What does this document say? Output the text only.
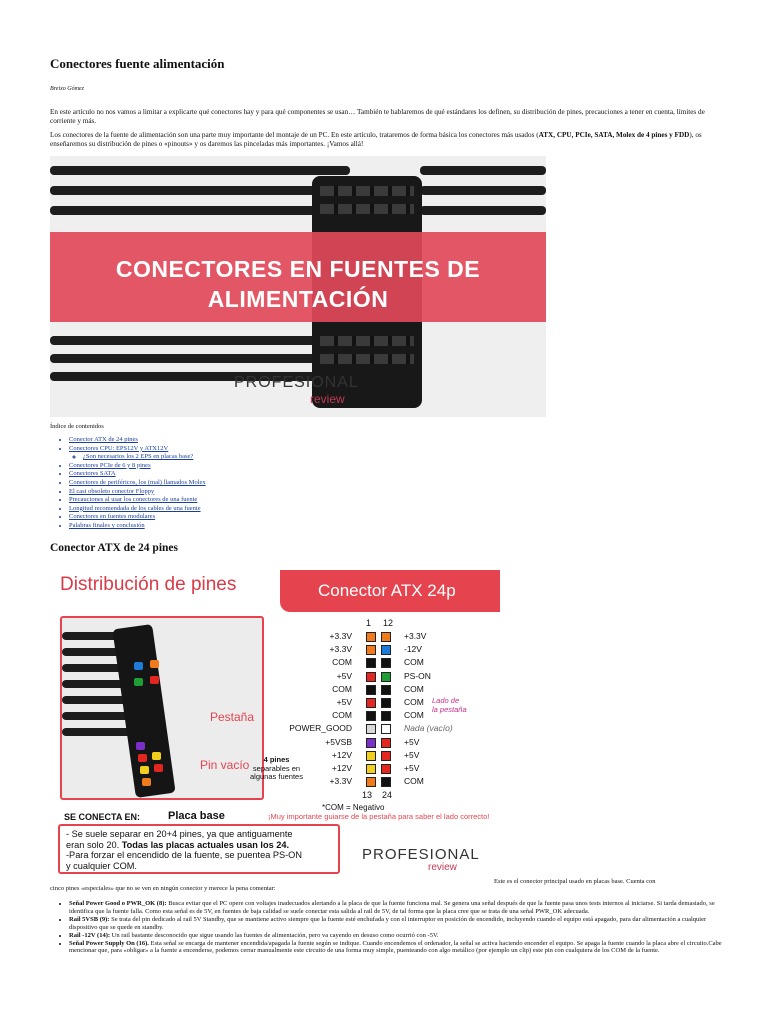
Conectores fuente alimentación
Breixo Gómez

En este artículo no nos vamos a limitar a explicarte qué conectores hay y para qué componentes se usan… También te hablaremos de qué estándares los definen, su distribución de pines, precauciones a tener en cuenta, límites de corriente y más.

Los conectores de la fuente de alimentación son una parte muy importante del montaje de un PC. En este artículo, trataremos de forma básica los conectores más usados (ATX, CPU, PCIe, SATA, Molex de 4 pines y FDD), os enseñaremos su distribución de pines o «pinouts» y os daremos las pinceladas más importantes. ¡Vamos allá!

CONECTORES EN FUENTES DE
ALIMENTACIÓN
PROFESIONAL
review
Índice de contenidos
• Conector ATX de 24 pines
• Conectores CPU: EPS12V y ATX12V
◦ ¿Son necesarios los 2 EPS en placas base?
• Conectores PCIe de 6 y 8 pines
• Conectores SATA
• Conectores de periféricos, los (mal) llamados Molex
• El casi obsoleto conector Floppy
• Precauciones al usar los conectores de una fuente
• Longitud recomendada de los cables de una fuente
• Conectores en fuentes modulares
• Palabras finales y conclusión
Conector ATX de 24 pines
Distribución de pines	Conector ATX 24p
Pestaña
Pin vacío
1 12
13 24
+3.3V	+3.3V
+3.3V	-12V
COM	COM
+5V	PS-ON
COM	COM
+5V	COM
COM	COM
POWER_GOOD	Nada (vacío)
+5VSB	+5V
+12V	+5V
+12V	+5V
+3.3V	COM
Lado de
la pestaña
4 pines
separables en
algunas fuentes
*COM = Negativo
SE CONECTA EN:	Placa base	¡Muy importante guiarse de la pestaña para saber el lado correcto!
- Se suele separar en 20+4 pines, ya que antiguamente
eran solo 20. Todas las placas actuales usan los 24.
-Para forzar el encendido de la fuente, se puentea PS-ON
y cualquier COM.
PROFESIONAL
review
Este es el conector principal usado en placas base. Cuenta con
cinco pines «especiales» que no se ven en ningún conector y merece la pena comentar:
• Señal Power Good o PWR_OK (8): Busca evitar que el PC opere con voltajes inadecuados alertando a la placa de que la fuente funciona mal. Se genera una señal después de que la fuente pasa unos tests internos al iniciarse. Si tarda demasiado, se identifica que la fuente falla. Como esta señal es de 5V, en fuentes de baja calidad se suele conectar esta salida al rail de 5V, de tal forma que la placa cree que se trata de una señal PWR_OK adecuada.
• Rail 5VSB (9): Se trata del pin dedicado al rail 5V Standby, que se mantiene activo siempre que la fuente esté enchufada y con el interruptor en posición de encendido, incluyendo cuando el equipo está apagado, para dar alimentación a cualquier dispositivo que se quede en standby.
• Rail -12V (14): Un rail bastante desconocido que sigue usando las fuentes de alimentación, pero va cayendo en desuso como ocurrió con -5V.
• Señal Power Supply On (16). Esta señal se encarga de mantener encendida/apagada la fuente según se indique. Cuando encendemos el ordenador, la señal se activa haciendo encender el equipo. Se apaga la fuente cuando la placa abre el circuito.Cabe mencionar que, para «obligar» a la fuente a encenderse, podemos cerrar manualmente este circuito de una forma muy simple, puenteando con algo metálico (por ejemplo un clip) este pin con cualquiera de los COM de la fuente.
